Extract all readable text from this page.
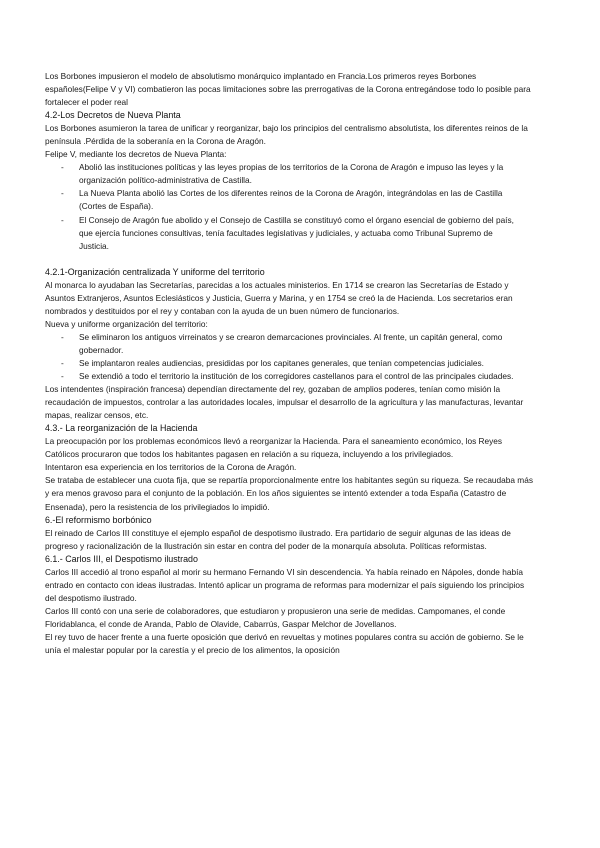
Los Borbones impusieron el modelo de absolutismo monárquico implantado en Francia.Los primeros reyes Borbones españoles(Felipe V y VI) combatieron las pocas limitaciones sobre las prerrogativas de la Corona entregándose todo lo posible para fortalecer el poder real

4.2-Los Decretos de Nueva Planta

Los Borbones asumieron la tarea de unificar y reorganizar, bajo los principios del centralismo absolutista, los diferentes reinos de la península .Pérdida de la soberanía en la Corona de Aragón.

Felipe V, mediante los decretos de Nueva Planta:

- Abolió las instituciones políticas y las leyes propias de los territorios de la Corona de Aragón e impuso las leyes y la organización político-administrativa de Castilla.
- La Nueva Planta abolió las Cortes de los diferentes reinos de la Corona de Aragón, integrándolas en las de Castilla (Cortes de España).
- El Consejo de Aragón fue abolido y el Consejo de Castilla se constituyó como el órgano esencial de gobierno del país, que ejercía funciones consultivas, tenía facultades legislativas y judiciales, y actuaba como Tribunal Supremo de Justicia.

4.2.1-Organización centralizada Y uniforme del territorio

Al monarca lo ayudaban las Secretarías, parecidas a los actuales ministerios. En 1714 se crearon las Secretarías de Estado y Asuntos Extranjeros, Asuntos Eclesiásticos y Justicia, Guerra y Marina, y en 1754 se creó la de Hacienda. Los secretarios eran nombrados y destituidos por el rey y contaban con la ayuda de un buen número de funcionarios.

Nueva y uniforme organización del territorio:

- Se eliminaron los antiguos virreinatos y se crearon demarcaciones provinciales. Al frente, un capitán general, como gobernador.
- Se implantaron reales audiencias, presididas por los capitanes generales, que tenían competencias judiciales.
- Se extendió a todo el territorio la institución de los corregidores castellanos para el control de las principales ciudades.

Los intendentes (inspiración francesa) dependían directamente del rey, gozaban de amplios poderes, tenían como misión la recaudación de impuestos, controlar a las autoridades locales, impulsar el desarrollo de la agricultura y las manufacturas, levantar mapas, realizar censos, etc.

4.3.- La reorganización de la Hacienda

La preocupación por los problemas económicos llevó a reorganizar la Hacienda. Para el saneamiento económico, los Reyes Católicos procuraron que todos los habitantes pagasen en relación a su riqueza, incluyendo a los privilegiados.

Intentaron esa experiencia en los territorios de la Corona de Aragón.

Se trataba de establecer una cuota fija, que se repartía proporcionalmente entre los habitantes según su riqueza. Se recaudaba más y era menos gravoso para el conjunto de la población. En los años siguientes se intentó extender a toda España (Catastro de Ensenada), pero la resistencia de los privilegiados lo impidió.

6.-El reformismo borbónico

El reinado de Carlos III constituye el ejemplo español de despotismo ilustrado. Era partidario de seguir algunas de las ideas de progreso y racionalización de la Ilustración sin estar en contra del poder de la monarquía absoluta. Políticas reformistas.

6.1.- Carlos III, el Despotismo ilustrado

Carlos III accedió al trono español al morir su hermano Fernando VI sin descendencia. Ya había reinado en Nápoles, donde había entrado en contacto con ideas ilustradas. Intentó aplicar un programa de reformas para modernizar el país siguiendo los principios del despotismo ilustrado.

Carlos III contó con una serie de colaboradores, que estudiaron y propusieron una serie de medidas. Campomanes, el conde Floridablanca, el conde de Aranda, Pablo de Olavide, Cabarrús, Gaspar Melchor de Jovellanos.

El rey tuvo de hacer frente a una fuerte oposición que derivó en revueltas y motines populares contra su acción de gobierno. Se le unía el malestar popular por la carestía y el precio de los alimentos, la oposición
